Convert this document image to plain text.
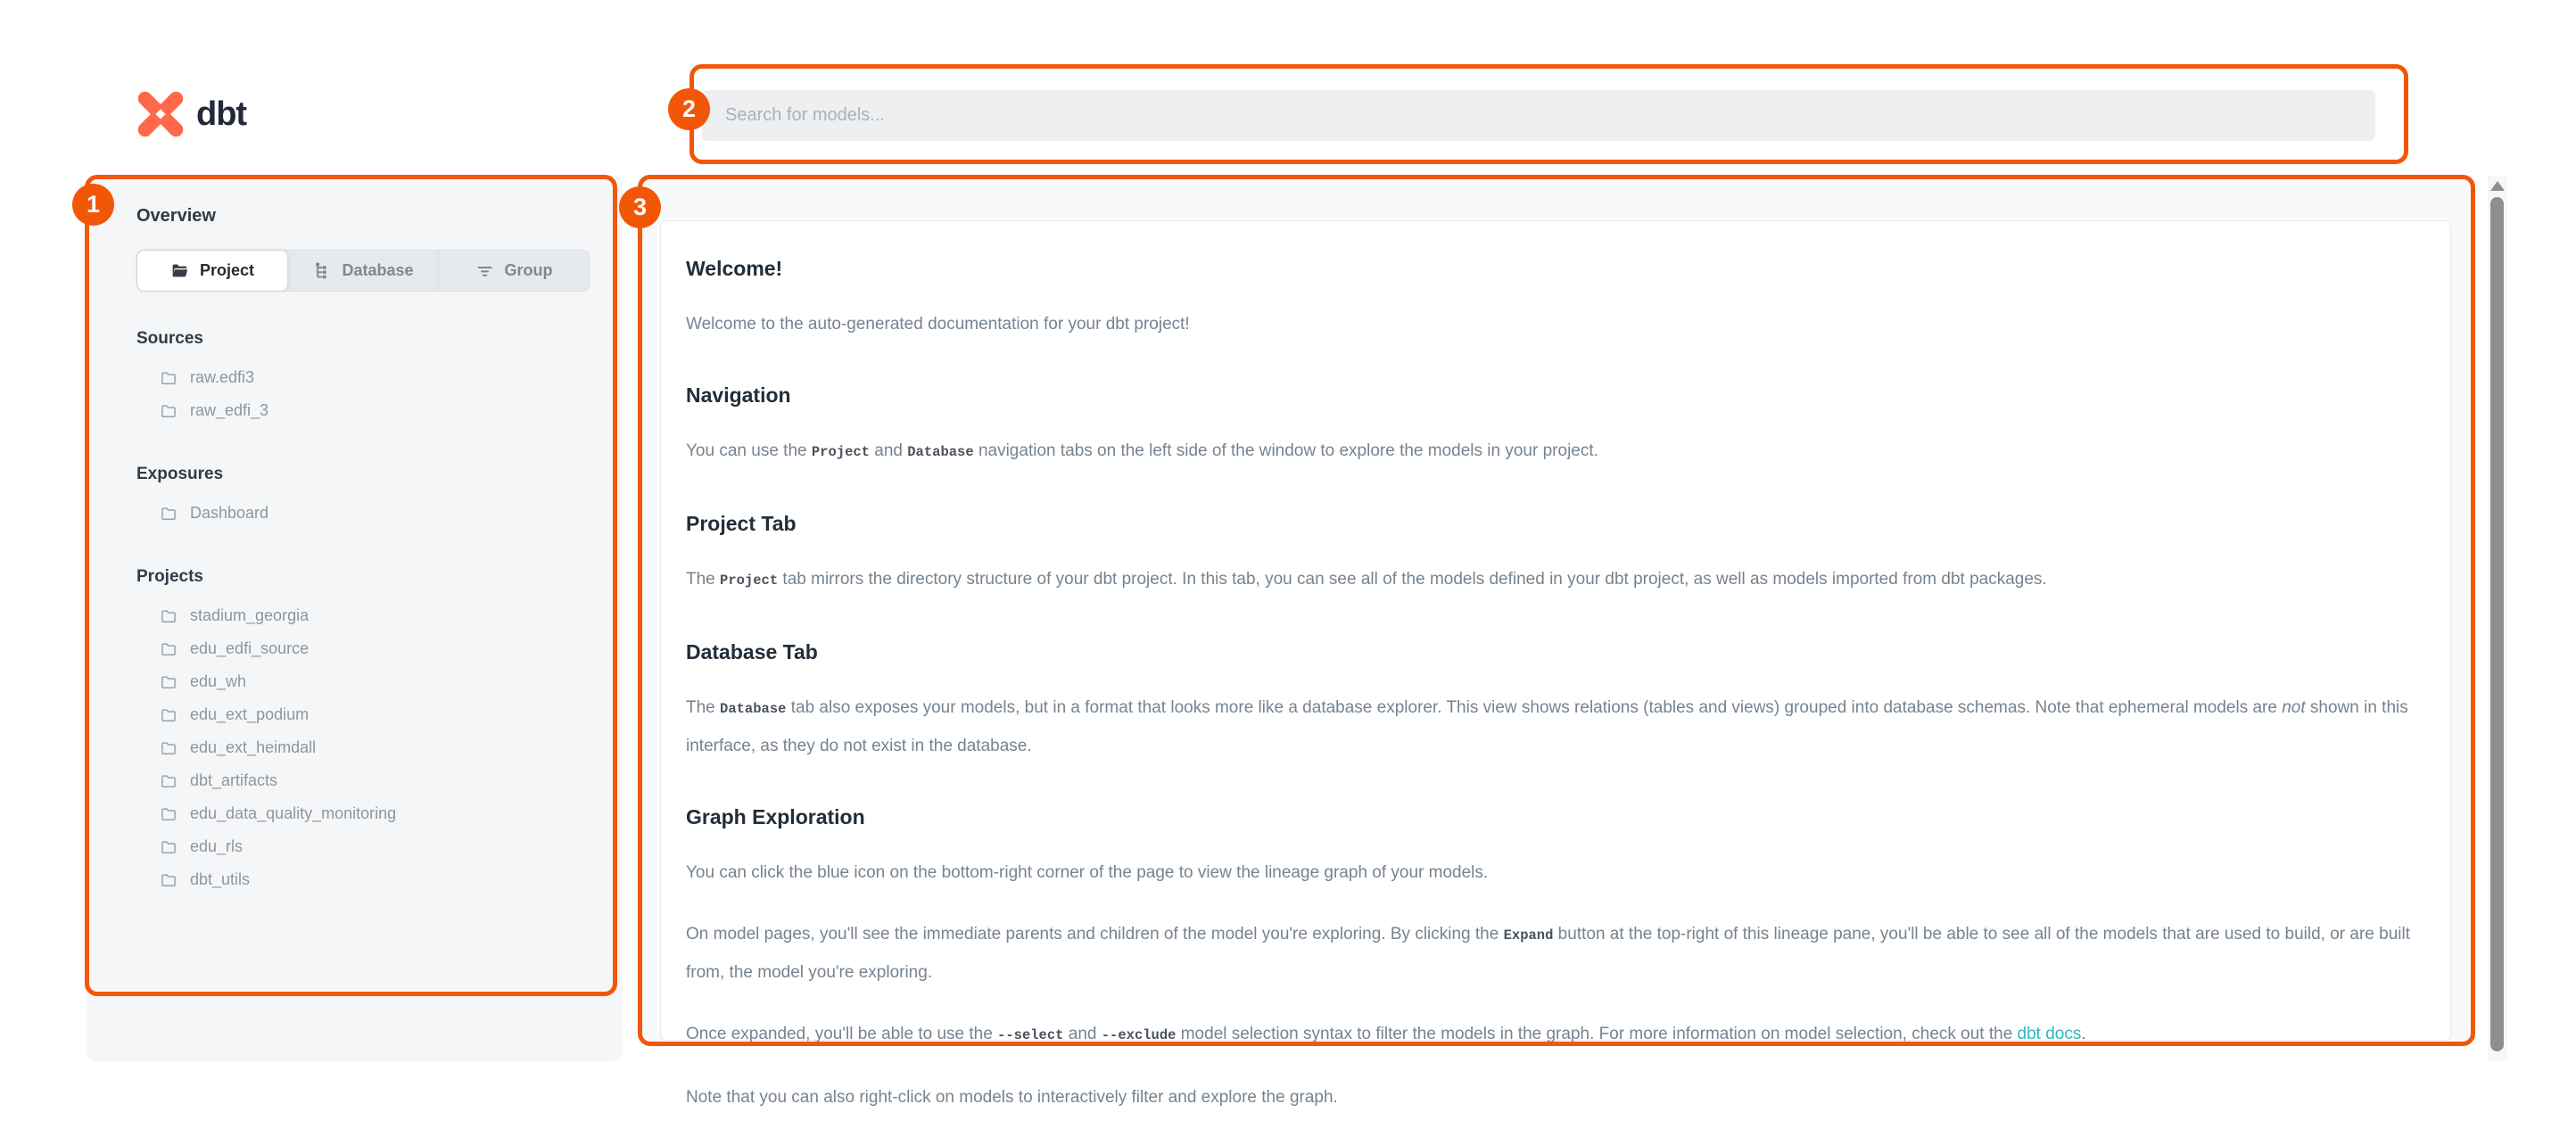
dbt
Search for models...
Overview
Project	Database	Group
Sources
raw.edfi3
raw_edfi_3
Exposures
Dashboard
Projects
stadium_georgia
edu_edfi_source
edu_wh
edu_ext_podium
edu_ext_heimdall
dbt_artifacts
edu_data_quality_monitoring
edu_rls
dbt_utils
Welcome!

Welcome to the auto-generated documentation for your dbt project!

Navigation

You can use the Project and Database navigation tabs on the left side of the window to explore the models in your project.

Project Tab

The Project tab mirrors the directory structure of your dbt project. In this tab, you can see all of the models defined in your dbt project, as well as models imported from dbt packages.

Database Tab

The Database tab also exposes your models, but in a format that looks more like a database explorer. This view shows relations (tables and views) grouped into database schemas. Note that ephemeral models are not shown in this interface, as they do not exist in the database.

Graph Exploration

You can click the blue icon on the bottom-right corner of the page to view the lineage graph of your models.

On model pages, you'll see the immediate parents and children of the model you're exploring. By clicking the Expand button at the top-right of this lineage pane, you'll be able to see all of the models that are used to build, or are built from, the model you're exploring.

Once expanded, you'll be able to use the --select and --exclude model selection syntax to filter the models in the graph. For more information on model selection, check out the dbt docs.

Note that you can also right-click on models to interactively filter and explore the graph.

1
2
3
